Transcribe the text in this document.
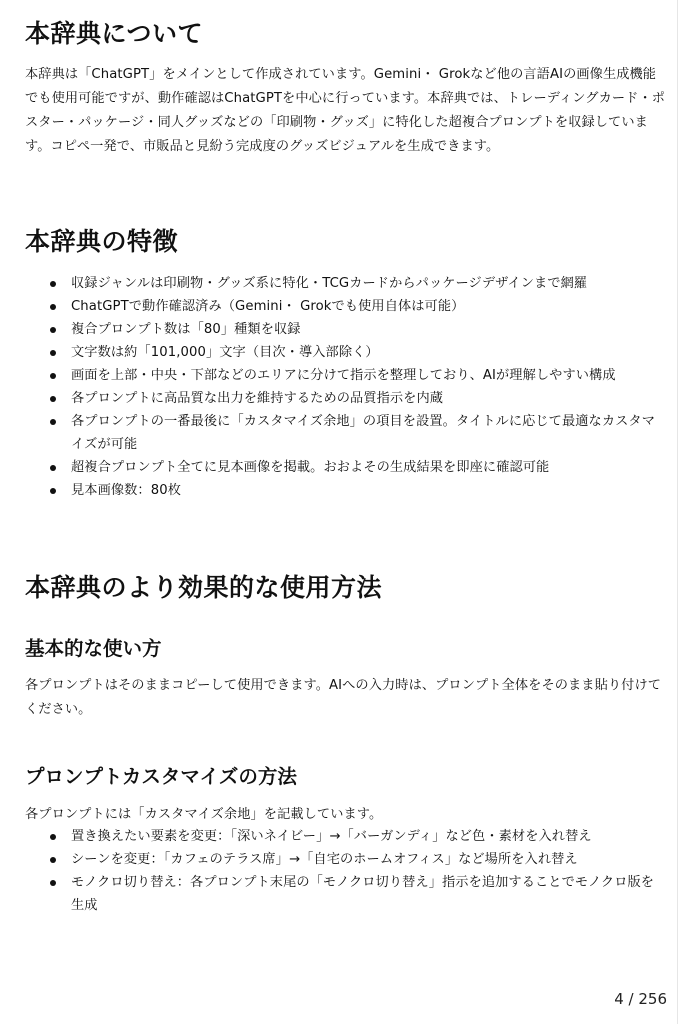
本辞典について

本辞典は「ChatGPT」をメインとして作成されています。Gemini・ Grokなど他の言語AIの画像生成機能でも使用可能ですが、動作確認はChatGPTを中心に行っています。本辞典では、トレーディングカード・ポスター・パッケージ・同人グッズなどの「印刷物・グッズ」に特化した超複合プロンプトを収録しています。コピペ一発で、市販品と見紛う完成度のグッズビジュアルを生成できます。

本辞典の特徴
収録ジャンルは印刷物・グッズ系に特化・TCGカードからパッケージデザインまで網羅
ChatGPTで動作確認済み（Gemini・ Grokでも使用自体は可能）
複合プロンプト数は「80」種類を収録
文字数は約「101,000」文字（目次・導入部除く）
画面を上部・中央・下部などのエリアに分けて指示を整理しており、AIが理解しやすい構成
各プロンプトに高品質な出力を維持するための品質指示を内蔵
各プロンプトの一番最後に「カスタマイズ余地」の項目を設置。タイトルに応じて最適なカスタマイズが可能
超複合プロンプト全てに見本画像を掲載。おおよその生成結果を即座に確認可能
見本画像数：80枚
本辞典のより効果的な使用方法
基本的な使い方

各プロンプトはそのままコピーして使用できます。AIへの入力時は、プロンプト全体をそのまま貼り付けてください。

プロンプトカスタマイズの方法

各プロンプトには「カスタマイズ余地」を記載しています。

置き換えたい要素を変更：「深いネイビー」→「バーガンディ」など色・素材を入れ替え
シーンを変更：「カフェのテラス席」→「自宅のホームオフィス」など場所を入れ替え
モノクロ切り替え：各プロンプト末尾の「モノクロ切り替え」指示を追加することでモノクロ版を生成
4 / 256
